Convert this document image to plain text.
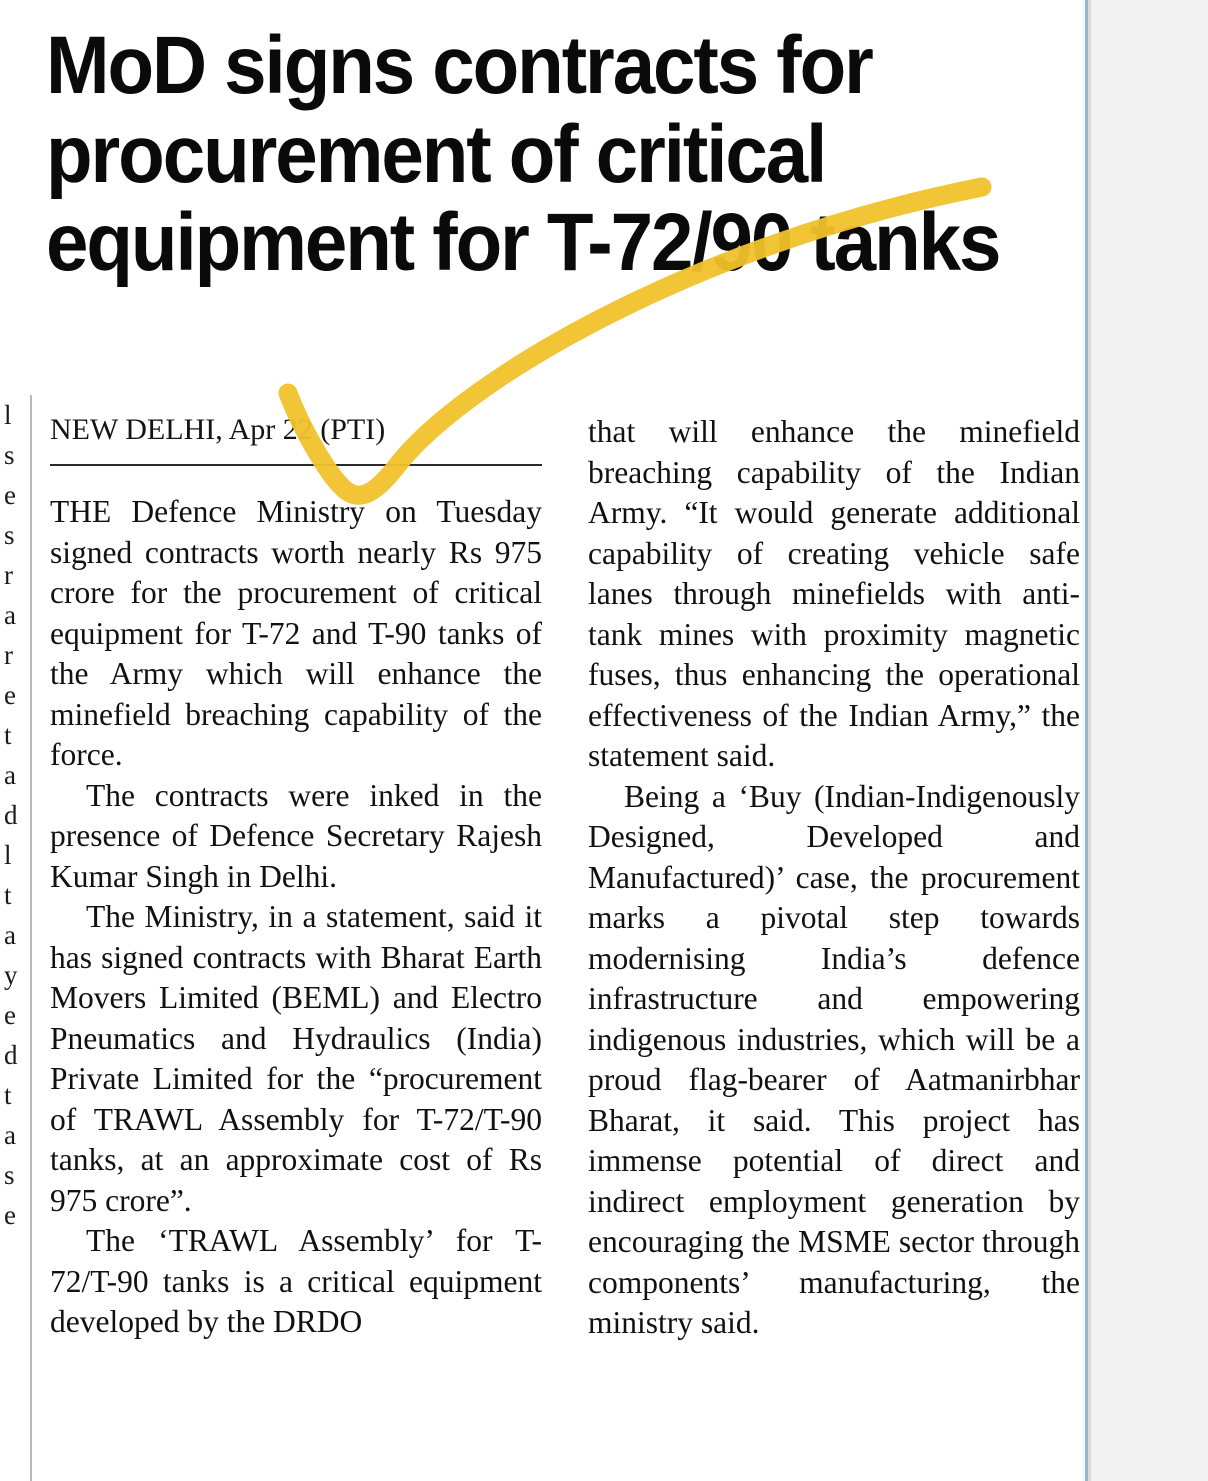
l
s
e
s
r
a
r
e
t
a
d
l
t
a
y
e
d
t
a
s
e
MoD signs contracts for
procurement of critical
equipment for T-72/90 tanks
NEW DELHI, Apr 22 (PTI)

THE Defence Ministry on Tuesday signed contracts worth nearly Rs 975 crore for the procurement of critical equipment for T-72 and T-90 tanks of the Army which will enhance the minefield breaching capability of the force.

The contracts were inked in the presence of Defence Secretary Rajesh Kumar Singh in Delhi.

The Ministry, in a statement, said it has signed contracts with Bharat Earth Movers Limited (BEML) and Electro Pneumatics and Hydraulics (India) Private Limited for the “procurement of TRAWL Assembly for T-72/T-90 tanks, at an approximate cost of Rs 975 crore”.

The ‘TRAWL Assembly’ for T-72/T-90 tanks is a critical equipment developed by the DRDO

that will enhance the minefield breaching capability of the Indian Army. “It would generate additional capability of creating vehicle safe lanes through minefields with anti-tank mines with proximity magnetic fuses, thus enhancing the operational effectiveness of the Indian Army,” the statement said.

Being a ‘Buy (Indian-Indigenously Designed, Developed and Manufactured)’ case, the procurement marks a pivotal step towards modernising India’s defence infrastructure and empowering indigenous industries, which will be a proud flag-bearer of Aatmanirbhar Bharat, it said. This project has immense potential of direct and indirect employment generation by encouraging the MSME sector through components’ manufacturing, the ministry said.
